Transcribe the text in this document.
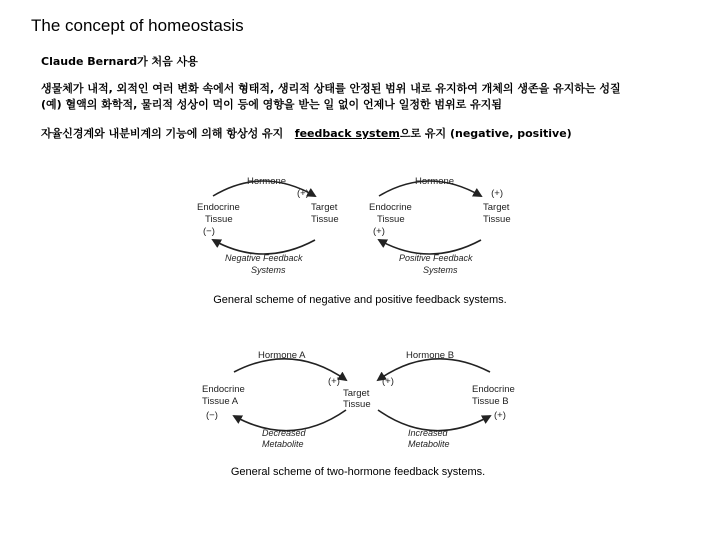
The concept of homeostasis
Claude Bernard가 처음 사용
생물체가 내적, 외적인 여러 변화 속에서 형태적, 생리적 상태를 안정된 범위 내로 유지하여 개체의 생존을 유지하는 성질
(예) 혈액의 화학적, 물리적 성상이 먹이 등에 영향을 받는 일 없이 언제나 일정한 범위로 유지됨
자율신경계와 내분비계의 기능에 의해 항상성 유지 feedback system으로 유지 (negative, positive)
Hormone
(+)
Endocrine
Tissue
Target
Tissue
(−)
Negative Feedback
Systems
Hormone
(+)
Endocrine
Tissue
Target
Tissue
(+)
Positive Feedback
Systems
General scheme of negative and positive feedback systems.
Hormone A	Hormone B
(+)	(+)
Target
Tissue
Endocrine
Tissue A
Endocrine
Tissue B
(−)	(+)
Decreased
Metabolite
Increased
Metabolite
General scheme of two-hormone feedback systems.
